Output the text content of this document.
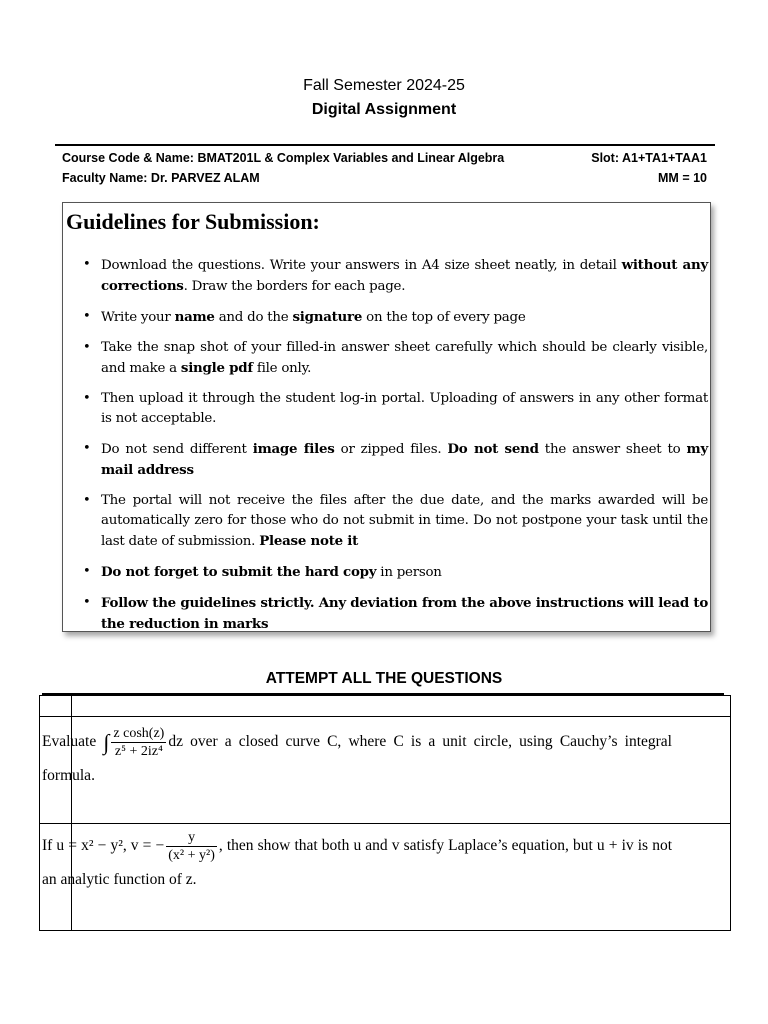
Fall Semester 2024-25
Digital Assignment
Course Code & Name: BMAT201L & Complex Variables and Linear Algebra	Slot: A1+TA1+TAA1
Faculty Name: Dr. PARVEZ ALAM	MM = 10
Guidelines for Submission:
• Download the questions. Write your answers in A4 size sheet neatly, in detail without any corrections. Draw the borders for each page.
• Write your name and do the signature on the top of every page
• Take the snap shot of your filled-in answer sheet carefully which should be clearly visible, and make a single pdf file only.
• Then upload it through the student log-in portal. Uploading of answers in any other format is not acceptable.
• Do not send different image files or zipped files. Do not send the answer sheet to my mail address
• The portal will not receive the files after the due date, and the marks awarded will be automatically zero for those who do not submit in time. Do not postpone your task until the last date of submission. Please note it
• Do not forget to submit the hard copy in person
• Follow the guidelines strictly. Any deviation from the above instructions will lead to the reduction in marks
ATTEMPT ALL THE QUESTIONS
Evaluate ∫ $\frac{\text{z cosh(z)}}{\text{z⁵ + 2iz⁴}}$ dz over a closed curve C, where C is a unit circle, using Cauchy’s integral formula.
If u = x² − y², v = − $\frac{y}{\text{(x² + y²)}}$ , then show that both u and v satisfy Laplace’s equation, but u + iv is not an analytic function of z.
